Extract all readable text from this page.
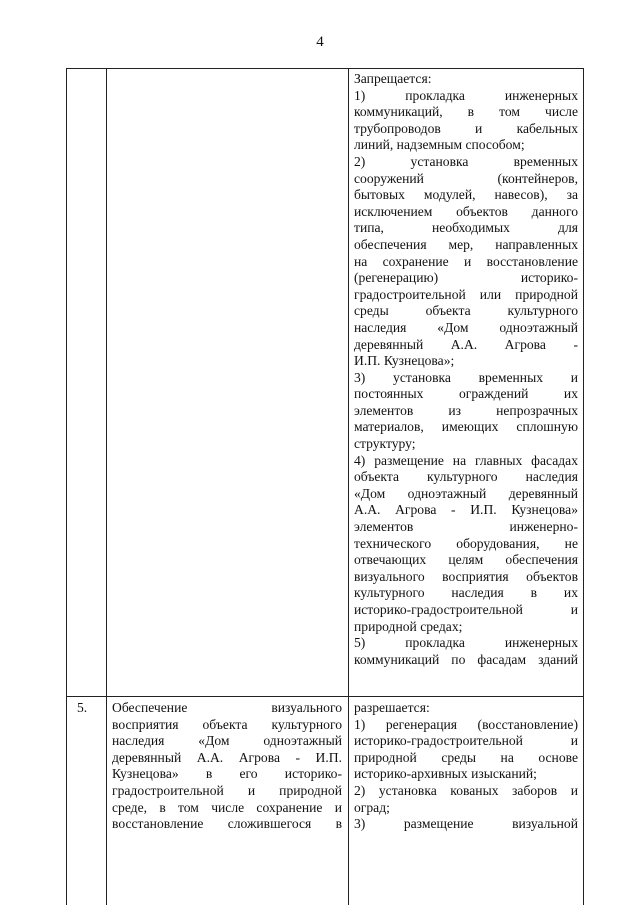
4
Запрещается:
1) прокладка инженерных
коммуникаций, в том числе
трубопроводов и кабельных
линий, надземным способом;
2) установка временных
сооружений (контейнеров,
бытовых модулей, навесов), за
исключением объектов данного
типа, необходимых для
обеспечения мер, направленных
на сохранение и восстановление
(регенерацию) историко-
градостроительной или природной
среды объекта культурного
наследия «Дом одноэтажный
деревянный А.А. Агрова -
И.П. Кузнецова»;
3) установка временных и
постоянных ограждений их
элементов из непрозрачных
материалов, имеющих сплошную
структуру;
4) размещение на главных фасадах
объекта культурного наследия
«Дом одноэтажный деревянный
А.А. Агрова - И.П. Кузнецова»
элементов инженерно-
технического оборудования, не
отвечающих целям обеспечения
визуального восприятия объектов
культурного наследия в их
историко-градостроительной и
природной средах;
5) прокладка инженерных
коммуникаций по фасадам зданий
5. Обеспечение визуального
восприятия объекта культурного
наследия «Дом одноэтажный
деревянный А.А. Агрова - И.П.
Кузнецова» в его историко-
градостроительной и природной
среде, в том числе сохранение и
восстановление сложившегося в
разрешается:
1) регенерация (восстановление)
историко-градостроительной и
природной среды на основе
историко-архивных изысканий;
2) установка кованых заборов и
оград;
3) размещение визуальной
